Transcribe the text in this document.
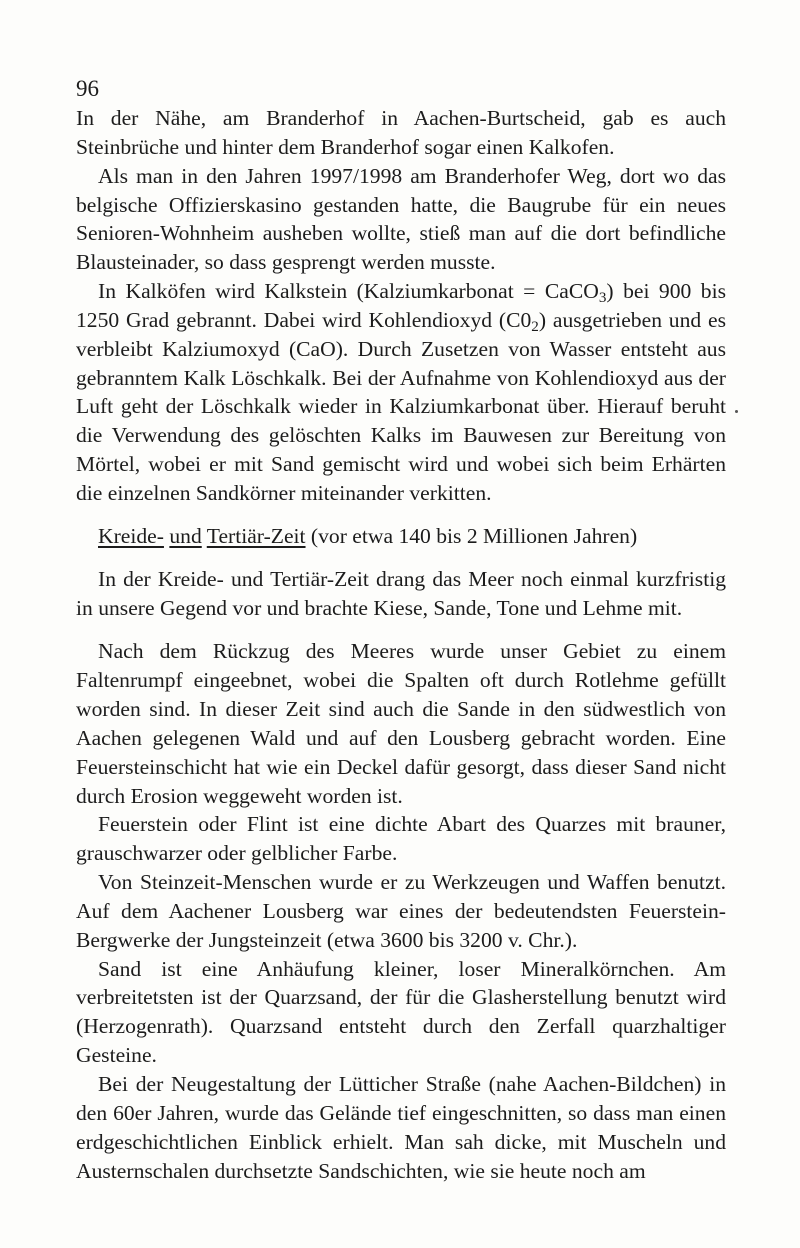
96

In der Nähe, am Branderhof in Aachen-Burtscheid, gab es auch Steinbrüche und hinter dem Branderhof sogar einen Kalkofen.

Als man in den Jahren 1997/1998 am Branderhofer Weg, dort wo das belgische Offizierskasino gestanden hatte, die Baugrube für ein neues Senioren-Wohnheim ausheben wollte, stieß man auf die dort befindliche Blausteinader, so dass gesprengt werden musste.

In Kalköfen wird Kalkstein (Kalziumkarbonat = CaCO$_3$) bei 900 bis 1250 Grad gebrannt. Dabei wird Kohlendioxyd $(C0_2)$ ausgetrieben und es verbleibt Kalziumoxyd (CaO). Durch Zusetzen von Wasser entsteht aus gebranntem Kalk Löschkalk. Bei der Aufnahme von Kohlendioxyd aus der Luft geht der Löschkalk wieder in Kalziumkarbonat über. Hierauf beruht die Verwendung des gelöschten Kalks im Bauwesen zur Bereitung von Mörtel, wobei er mit Sand gemischt wird und wobei sich beim Erhärten die einzelnen Sandkörner miteinander verkitten.

Kreide- und Tertiär-Zeit (vor etwa 140 bis 2 Millionen Jahren)

In der Kreide- und Tertiär-Zeit drang das Meer noch einmal kurzfristig in unsere Gegend vor und brachte Kiese, Sande, Tone und Lehme mit.

Nach dem Rückzug des Meeres wurde unser Gebiet zu einem Faltenrumpf eingeebnet, wobei die Spalten oft durch Rotlehme gefüllt worden sind. In dieser Zeit sind auch die Sande in den südwestlich von Aachen gelegenen Wald und auf den Lousberg gebracht worden. Eine Feuersteinschicht hat wie ein Deckel dafür gesorgt, dass dieser Sand nicht durch Erosion weggeweht worden ist.

Feuerstein oder Flint ist eine dichte Abart des Quarzes mit brauner, grauschwarzer oder gelblicher Farbe.

Von Steinzeit-Menschen wurde er zu Werkzeugen und Waffen benutzt. Auf dem Aachener Lousberg war eines der bedeutendsten Feuerstein-Bergwerke der Jungsteinzeit (etwa 3600 bis 3200 v. Chr.).

Sand ist eine Anhäufung kleiner, loser Mineralkörnchen. Am verbreitetsten ist der Quarzsand, der für die Glasherstellung benutzt wird (Herzogenrath). Quarzsand entsteht durch den Zerfall quarzhaltiger Gesteine.

Bei der Neugestaltung der Lütticher Straße (nahe Aachen-Bildchen) in den 60er Jahren, wurde das Gelände tief eingeschnitten, so dass man einen erdgeschichtlichen Einblick erhielt. Man sah dicke, mit Muscheln und Austernschalen durchsetzte Sandschichten, wie sie heute noch am
